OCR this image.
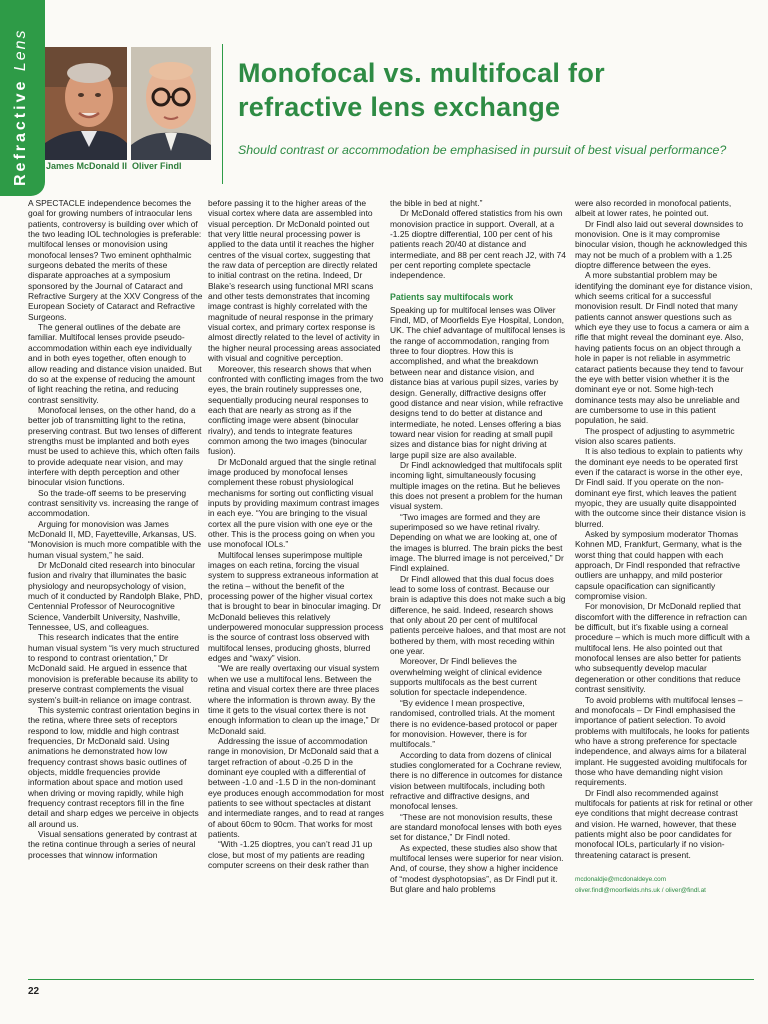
Refractive Lens
James McDonald II Oliver Findl
Monofocal vs. multifocal for refractive lens exchange
Should contrast or accommodation be emphasised in pursuit of best visual performance?

A SPECTACLE independence becomes the goal for growing numbers of intraocular lens patients, controversy is building over which of the two leading IOL technologies is preferable: multifocal lenses or monovision using monofocal lenses? Two eminent ophthalmic surgeons debated the merits of these disparate approaches at a symposium sponsored by the Journal of Cataract and Refractive Surgery at the XXV Congress of the European Society of Cataract and Refractive Surgeons.

The general outlines of the debate are familiar. Multifocal lenses provide pseudo-accommodation within each eye individually and in both eyes together, often enough to allow reading and distance vision unaided. But do so at the expense of reducing the amount of light reaching the retina, and reducing contrast sensitivity.

Monofocal lenses, on the other hand, do a better job of transmitting light to the retina, preserving contrast. But two lenses of different strengths must be implanted and both eyes must be used to achieve this, which often fails to provide adequate near vision, and may interfere with depth perception and other binocular vision functions.

So the trade-off seems to be preserving contrast sensitivity vs. increasing the range of accommodation.

Arguing for monovision was James McDonald II, MD, Fayetteville, Arkansas, US. “Monovision is much more compatible with the human visual system,” he said.

Dr McDonald cited research into binocular fusion and rivalry that illuminates the basic physiology and neuropsychology of vision, much of it conducted by Randolph Blake, PhD, Centennial Professor of Neurocognitive Science, Vanderbilt University, Nashville, Tennessee, US, and colleagues.

This research indicates that the entire human visual system “is very much structured to respond to contrast orientation,” Dr McDonald said. He argued in essence that monovision is preferable because its ability to preserve contrast complements the visual system’s built-in reliance on image contrast.

This systemic contrast orientation begins in the retina, where three sets of receptors respond to low, middle and high contrast frequencies, Dr McDonald said. Using animations he demonstrated how low frequency contrast shows basic outlines of objects, middle frequencies provide information about space and motion used when driving or moving rapidly, while high frequency contrast receptors fill in the fine detail and sharp edges we perceive in objects all around us.

Visual sensations generated by contrast at the retina continue through a series of neural processes that winnow information

before passing it to the higher areas of the visual cortex where data are assembled into visual perception. Dr McDonald pointed out that very little neural processing power is applied to the data until it reaches the higher centres of the visual cortex, suggesting that the raw data of perception are directly related to initial contrast on the retina. Indeed, Dr Blake’s research using functional MRI scans and other tests demonstrates that incoming image contrast is highly correlated with the magnitude of neural response in the primary visual cortex, and primary cortex response is almost directly related to the level of activity in the higher neural processing areas associated with visual and cognitive perception.

Moreover, this research shows that when confronted with conflicting images from the two eyes, the brain routinely suppresses one, sequentially producing neural responses to each that are nearly as strong as if the conflicting image were absent (binocular rivalry), and tends to integrate features common among the two images (binocular fusion).

Dr McDonald argued that the single retinal image produced by monofocal lenses complement these robust physiological mechanisms for sorting out conflicting visual inputs by providing maximum contrast images in each eye. “You are bringing to the visual cortex all the pure vision with one eye or the other. This is the process going on when you use monofocal IOLs.”

Multifocal lenses superimpose multiple images on each retina, forcing the visual system to suppress extraneous information at the retina – without the benefit of the processing power of the higher visual cortex that is brought to bear in binocular imaging. Dr McDonald believes this relatively underpowered monocular suppression process is the source of contrast loss observed with multifocal lenses, producing ghosts, blurred edges and “waxy” vision.

“We are really overtaxing our visual system when we use a multifocal lens. Between the retina and visual cortex there are three places where the information is thrown away. By the time it gets to the visual cortex there is not enough information to clean up the image,” Dr McDonald said.

Addressing the issue of accommodation range in monovision, Dr McDonald said that a target refraction of about -0.25 D in the dominant eye coupled with a differential of between -1.0 and -1.5 D in the non-dominant eye produces enough accommodation for most patients to see without spectacles at distant and intermediate ranges, and to read at ranges of about 60cm to 90cm. That works for most patients.

“With -1.25 dioptres, you can’t read J1 up close, but most of my patients are reading computer screens on their desk rather than

the bible in bed at night.”

Dr McDonald offered statistics from his own monovision practice in support. Overall, at a -1.25 dioptre differential, 100 per cent of his patients reach 20/40 at distance and intermediate, and 88 per cent reach J2, with 74 per cent reporting complete spectacle independence.

Patients say multifocals work

Speaking up for multifocal lenses was Oliver Findl, MD, of Moorfields Eye Hospital, London, UK. The chief advantage of multifocal lenses is the range of accommodation, ranging from three to four dioptres. How this is accomplished, and what the breakdown between near and distance vision, and distance bias at various pupil sizes, varies by design. Generally, diffractive designs offer good distance and near vision, while refractive designs tend to do better at distance and intermediate, he noted. Lenses offering a bias toward near vision for reading at small pupil sizes and distance bias for night driving at large pupil size are also available.

Dr Findl acknowledged that multifocals split incoming light, simultaneously focusing multiple images on the retina. But he believes this does not present a problem for the human visual system.

“Two images are formed and they are superimposed so we have retinal rivalry. Depending on what we are looking at, one of the images is blurred. The brain picks the best image. The blurred image is not perceived,” Dr Findl explained.

Dr Findl allowed that this dual focus does lead to some loss of contrast. Because our brain is adaptive this does not make such a big difference, he said. Indeed, research shows that only about 20 per cent of multifocal patients perceive haloes, and that most are not bothered by them, with most receding within one year.

Moreover, Dr Findl believes the overwhelming weight of clinical evidence supports multifocals as the best current solution for spectacle independence.

“By evidence I mean prospective, randomised, controlled trials. At the moment there is no evidence-based protocol or paper for monovision. However, there is for multifocals.”

According to data from dozens of clinical studies conglomerated for a Cochrane review, there is no difference in outcomes for distance vision between multifocals, including both refractive and diffractive designs, and monofocal lenses.

“These are not monovision results, these are standard monofocal lenses with both eyes set for distance,” Dr Findl noted.

As expected, these studies also show that multifocal lenses were superior for near vision. And, of course, they show a higher incidence of “modest dysphotopsias”, as Dr Findl put it. But glare and halo problems

were also recorded in monofocal patients, albeit at lower rates, he pointed out.

Dr Findl also laid out several downsides to monovision. One is it may compromise binocular vision, though he acknowledged this may not be much of a problem with a 1.25 dioptre difference between the eyes.

A more substantial problem may be identifying the dominant eye for distance vision, which seems critical for a successful monovision result. Dr Findl noted that many patients cannot answer questions such as which eye they use to focus a camera or aim a rifle that might reveal the dominant eye. Also, having patients focus on an object through a hole in paper is not reliable in asymmetric cataract patients because they tend to favour the eye with better vision whether it is the dominant eye or not. Some high-tech dominance tests may also be unreliable and are cumbersome to use in this patient population, he said.

The prospect of adjusting to asymmetric vision also scares patients.

It is also tedious to explain to patients why the dominant eye needs to be operated first even if the cataract is worse in the other eye, Dr Findl said. If you operate on the non-dominant eye first, which leaves the patient myopic, they are usually quite disappointed with the outcome since their distance vision is blurred.

Asked by symposium moderator Thomas Kohnen MD, Frankfurt, Germany, what is the worst thing that could happen with each approach, Dr Findl responded that refractive outliers are unhappy, and mild posterior capsule opacification can significantly compromise vision.

For monovision, Dr McDonald replied that discomfort with the difference in refraction can be difficult, but it’s fixable using a corneal procedure – which is much more difficult with a multifocal lens. He also pointed out that monofocal lenses are also better for patients who subsequently develop macular degeneration or other conditions that reduce contrast sensitivity.

To avoid problems with multifocal lenses – and monofocals – Dr Findl emphasised the importance of patient selection. To avoid problems with multifocals, he looks for patients who have a strong preference for spectacle independence, and always aims for a bilateral implant. He suggested avoiding multifocals for those who have demanding night vision requirements.

Dr Findl also recommended against multifocals for patients at risk for retinal or other eye conditions that might decrease contrast and vision. He warned, however, that these patients might also be poor candidates for monofocal IOLs, particularly if no vision-threatening cataract is present.

mcdonaldje@mcdonaldeye.com
oliver.findl@moorfields.nhs.uk / oliver@findl.at
22
